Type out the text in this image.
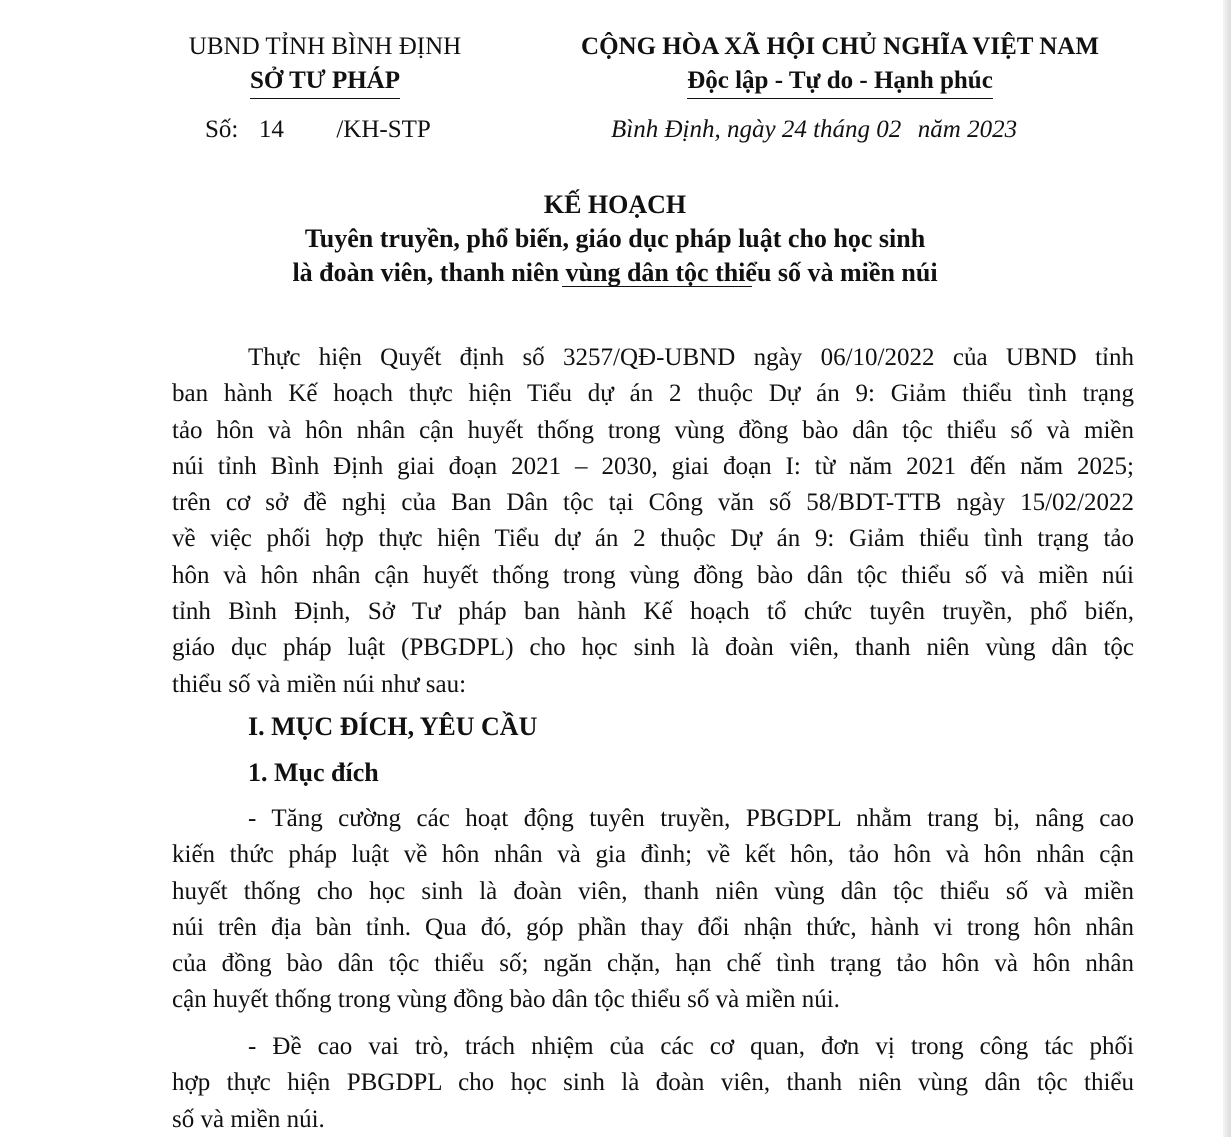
UBND TỈNH BÌNH ĐỊNH
SỞ TƯ PHÁP
CỘNG HÒA XÃ HỘI CHỦ NGHĨA VIỆT NAM
Độc lập - Tự do - Hạnh phúc
Số: 14 /KH-STP	Bình Định, ngày 24 tháng 02 năm 2023
KẾ HOẠCH
Tuyên truyền, phổ biến, giáo dục pháp luật cho học sinh
là đoàn viên, thanh niên vùng dân tộc thiểu số và miền núi
Thực hiện Quyết định số 3257/QĐ-UBND ngày 06/10/2022 của UBND tỉnh
ban hành Kế hoạch thực hiện Tiểu dự án 2 thuộc Dự án 9: Giảm thiểu tình trạng
tảo hôn và hôn nhân cận huyết thống trong vùng đồng bào dân tộc thiểu số và miền
núi tỉnh Bình Định giai đoạn 2021 – 2030, giai đoạn I: từ năm 2021 đến năm 2025;
trên cơ sở đề nghị của Ban Dân tộc tại Công văn số 58/BDT-TTB ngày 15/02/2022
về việc phối hợp thực hiện Tiểu dự án 2 thuộc Dự án 9: Giảm thiểu tình trạng tảo
hôn và hôn nhân cận huyết thống trong vùng đồng bào dân tộc thiểu số và miền núi
tỉnh Bình Định, Sở Tư pháp ban hành Kế hoạch tổ chức tuyên truyền, phổ biến,
giáo dục pháp luật (PBGDPL) cho học sinh là đoàn viên, thanh niên vùng dân tộc
thiểu số và miền núi như sau:
I. MỤC ĐÍCH, YÊU CẦU
1. Mục đích
- Tăng cường các hoạt động tuyên truyền, PBGDPL nhằm trang bị, nâng cao
kiến thức pháp luật về hôn nhân và gia đình; về kết hôn, tảo hôn và hôn nhân cận
huyết thống cho học sinh là đoàn viên, thanh niên vùng dân tộc thiểu số và miền
núi trên địa bàn tỉnh. Qua đó, góp phần thay đổi nhận thức, hành vi trong hôn nhân
của đồng bào dân tộc thiểu số; ngăn chặn, hạn chế tình trạng tảo hôn và hôn nhân
cận huyết thống trong vùng đồng bào dân tộc thiểu số và miền núi.
- Đề cao vai trò, trách nhiệm của các cơ quan, đơn vị trong công tác phối
hợp thực hiện PBGDPL cho học sinh là đoàn viên, thanh niên vùng dân tộc thiểu
số và miền núi.
